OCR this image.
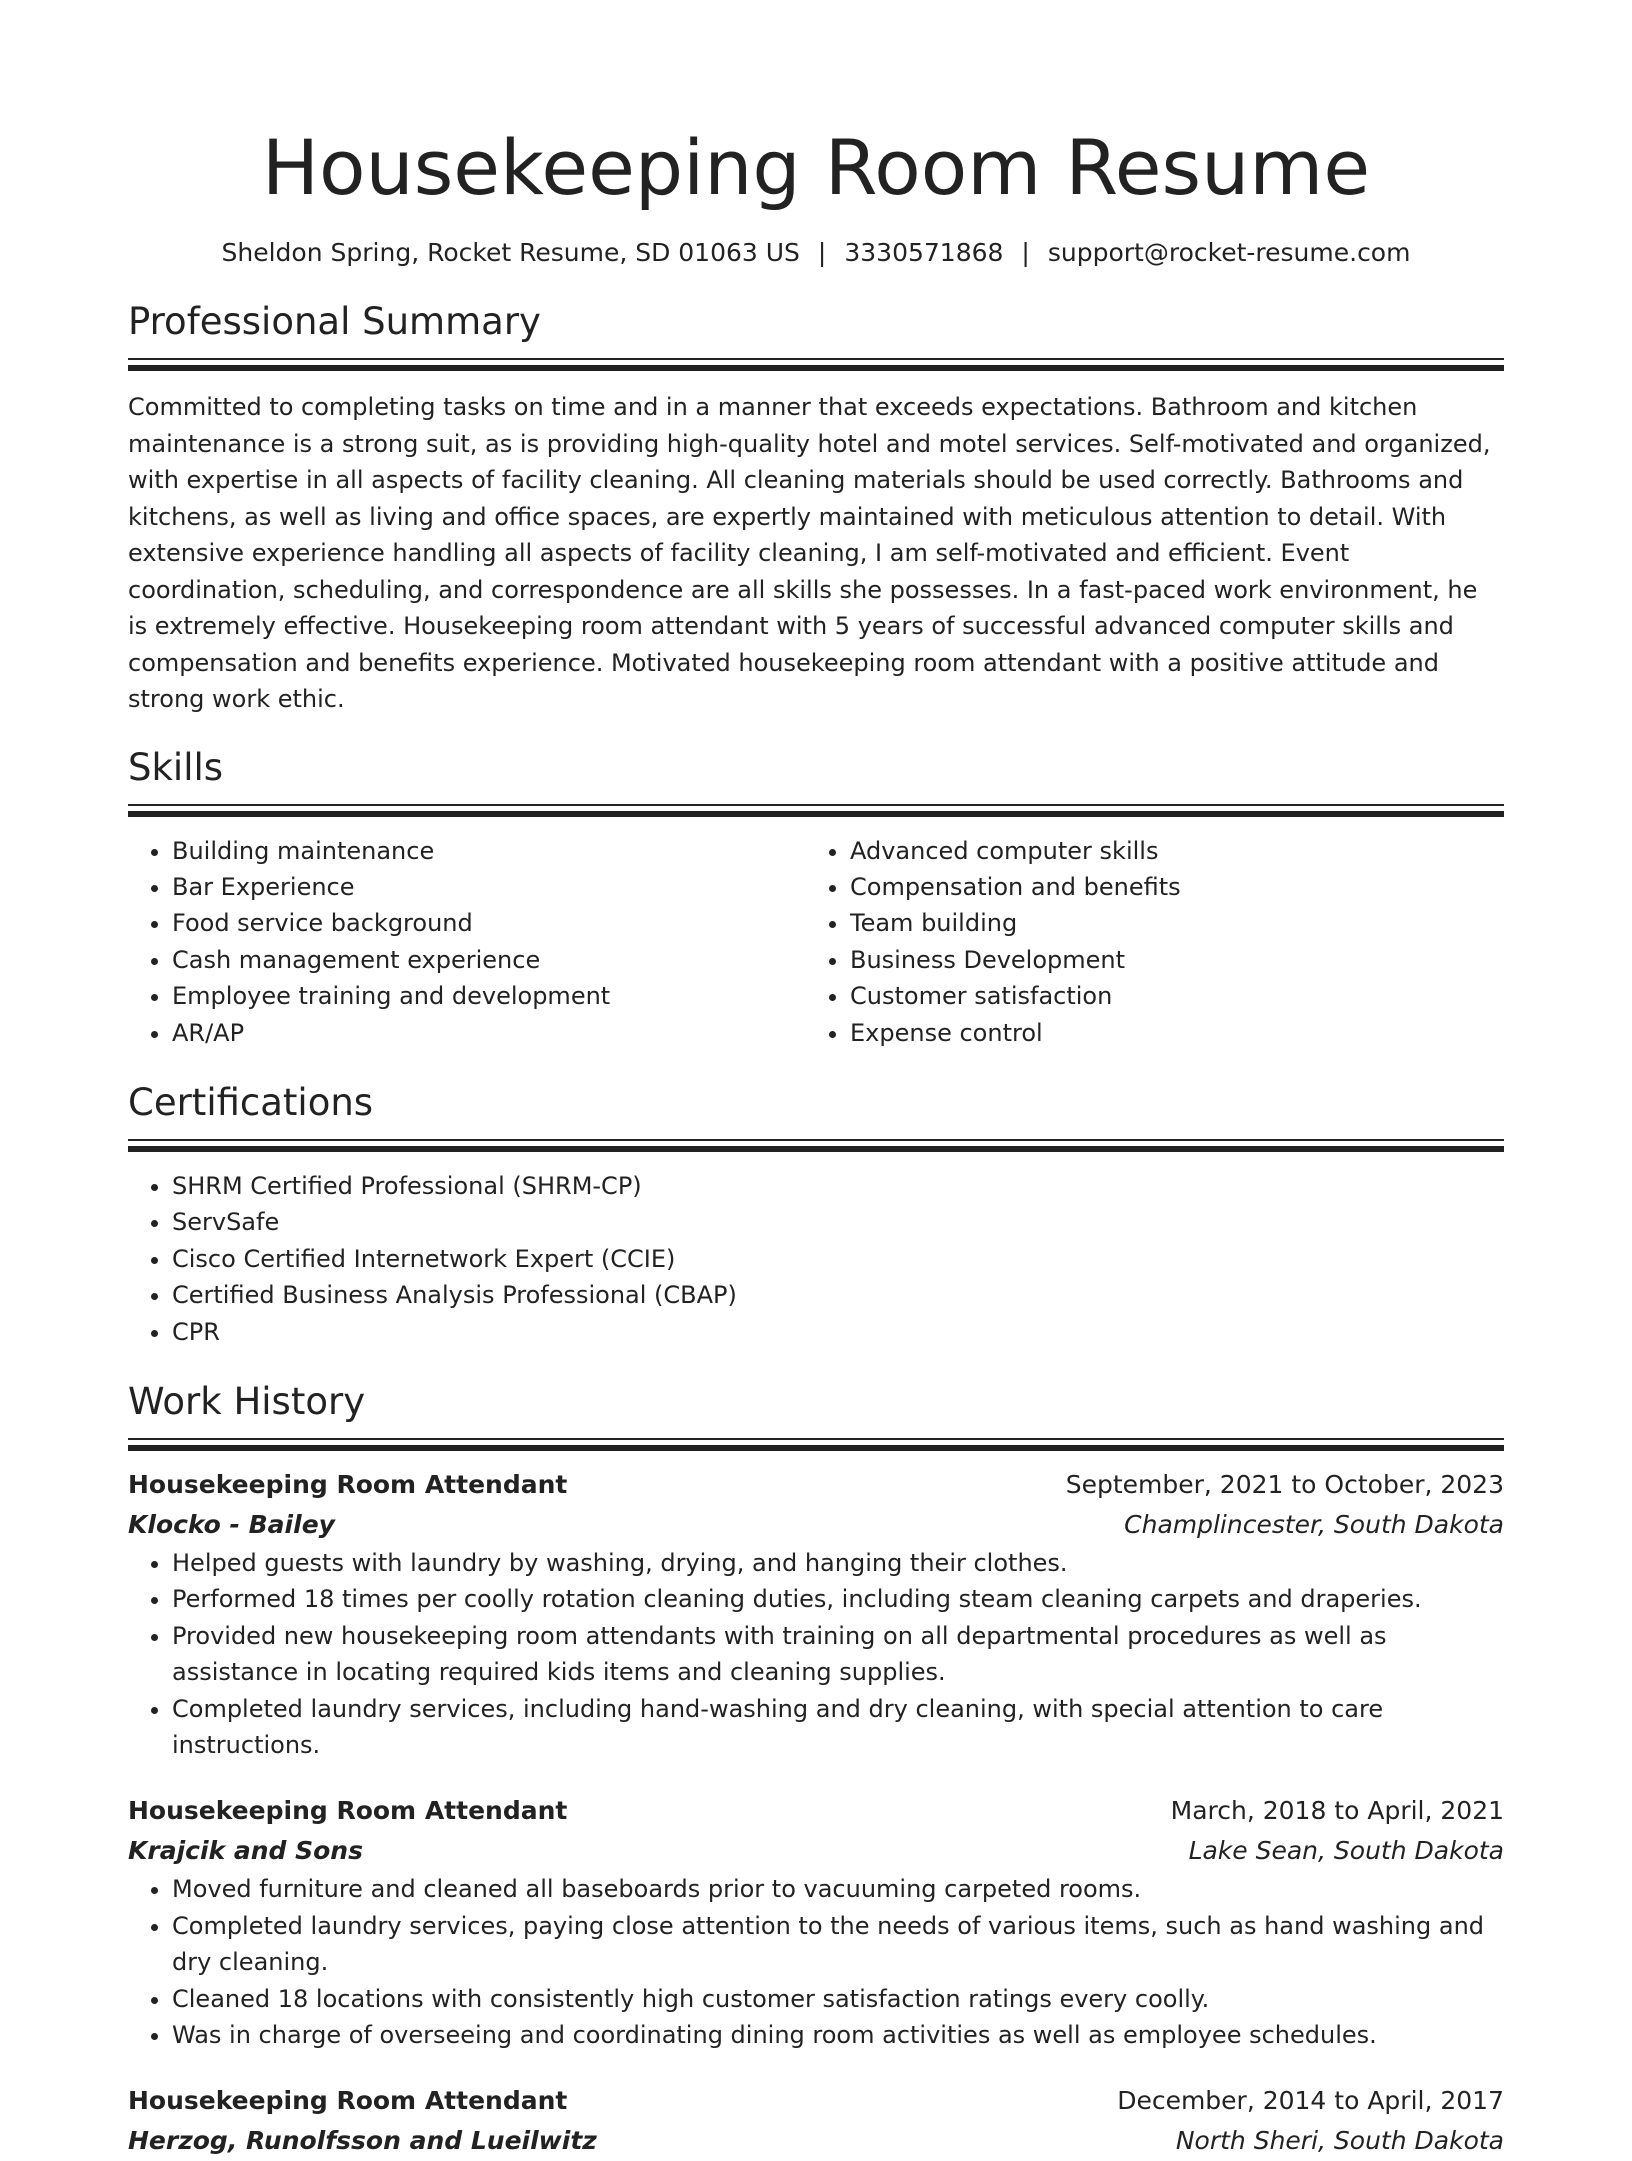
Housekeeping Room Resume
Sheldon Spring, Rocket Resume, SD 01063 US | 3330571868 | support@rocket-resume.com
Professional Summary

Committed to completing tasks on time and in a manner that exceeds expectations. Bathroom and kitchen maintenance is a strong suit, as is providing high-quality hotel and motel services. Self-motivated and organized, with expertise in all aspects of facility cleaning. All cleaning materials should be used correctly. Bathrooms and kitchens, as well as living and office spaces, are expertly maintained with meticulous attention to detail. With extensive experience handling all aspects of facility cleaning, I am self-motivated and efficient. Event coordination, scheduling, and correspondence are all skills she possesses. In a fast-paced work environment, he is extremely effective. Housekeeping room attendant with 5 years of successful advanced computer skills and compensation and benefits experience. Motivated housekeeping room attendant with a positive attitude and strong work ethic.

Skills
• Building maintenance
• Bar Experience
• Food service background
• Cash management experience
• Employee training and development
• AR/AP
• Advanced computer skills
• Compensation and benefits
• Team building
• Business Development
• Customer satisfaction
• Expense control
Certifications
• SHRM Certified Professional (SHRM-CP)
• ServSafe
• Cisco Certified Internetwork Expert (CCIE)
• Certified Business Analysis Professional (CBAP)
• CPR
Work History
Housekeeping Room Attendant	September, 2021 to October, 2023
Klocko - Bailey	Champlincester, South Dakota
• Helped guests with laundry by washing, drying, and hanging their clothes.
• Performed 18 times per coolly rotation cleaning duties, including steam cleaning carpets and draperies.
• Provided new housekeeping room attendants with training on all departmental procedures as well as assistance in locating required kids items and cleaning supplies.
• Completed laundry services, including hand-washing and dry cleaning, with special attention to care instructions.
Housekeeping Room Attendant	March, 2018 to April, 2021
Krajcik and Sons	Lake Sean, South Dakota
• Moved furniture and cleaned all baseboards prior to vacuuming carpeted rooms.
• Completed laundry services, paying close attention to the needs of various items, such as hand washing and dry cleaning.
• Cleaned 18 locations with consistently high customer satisfaction ratings every coolly.
• Was in charge of overseeing and coordinating dining room activities as well as employee schedules.
Housekeeping Room Attendant	December, 2014 to April, 2017
Herzog, Runolfsson and Lueilwitz	North Sheri, South Dakota
